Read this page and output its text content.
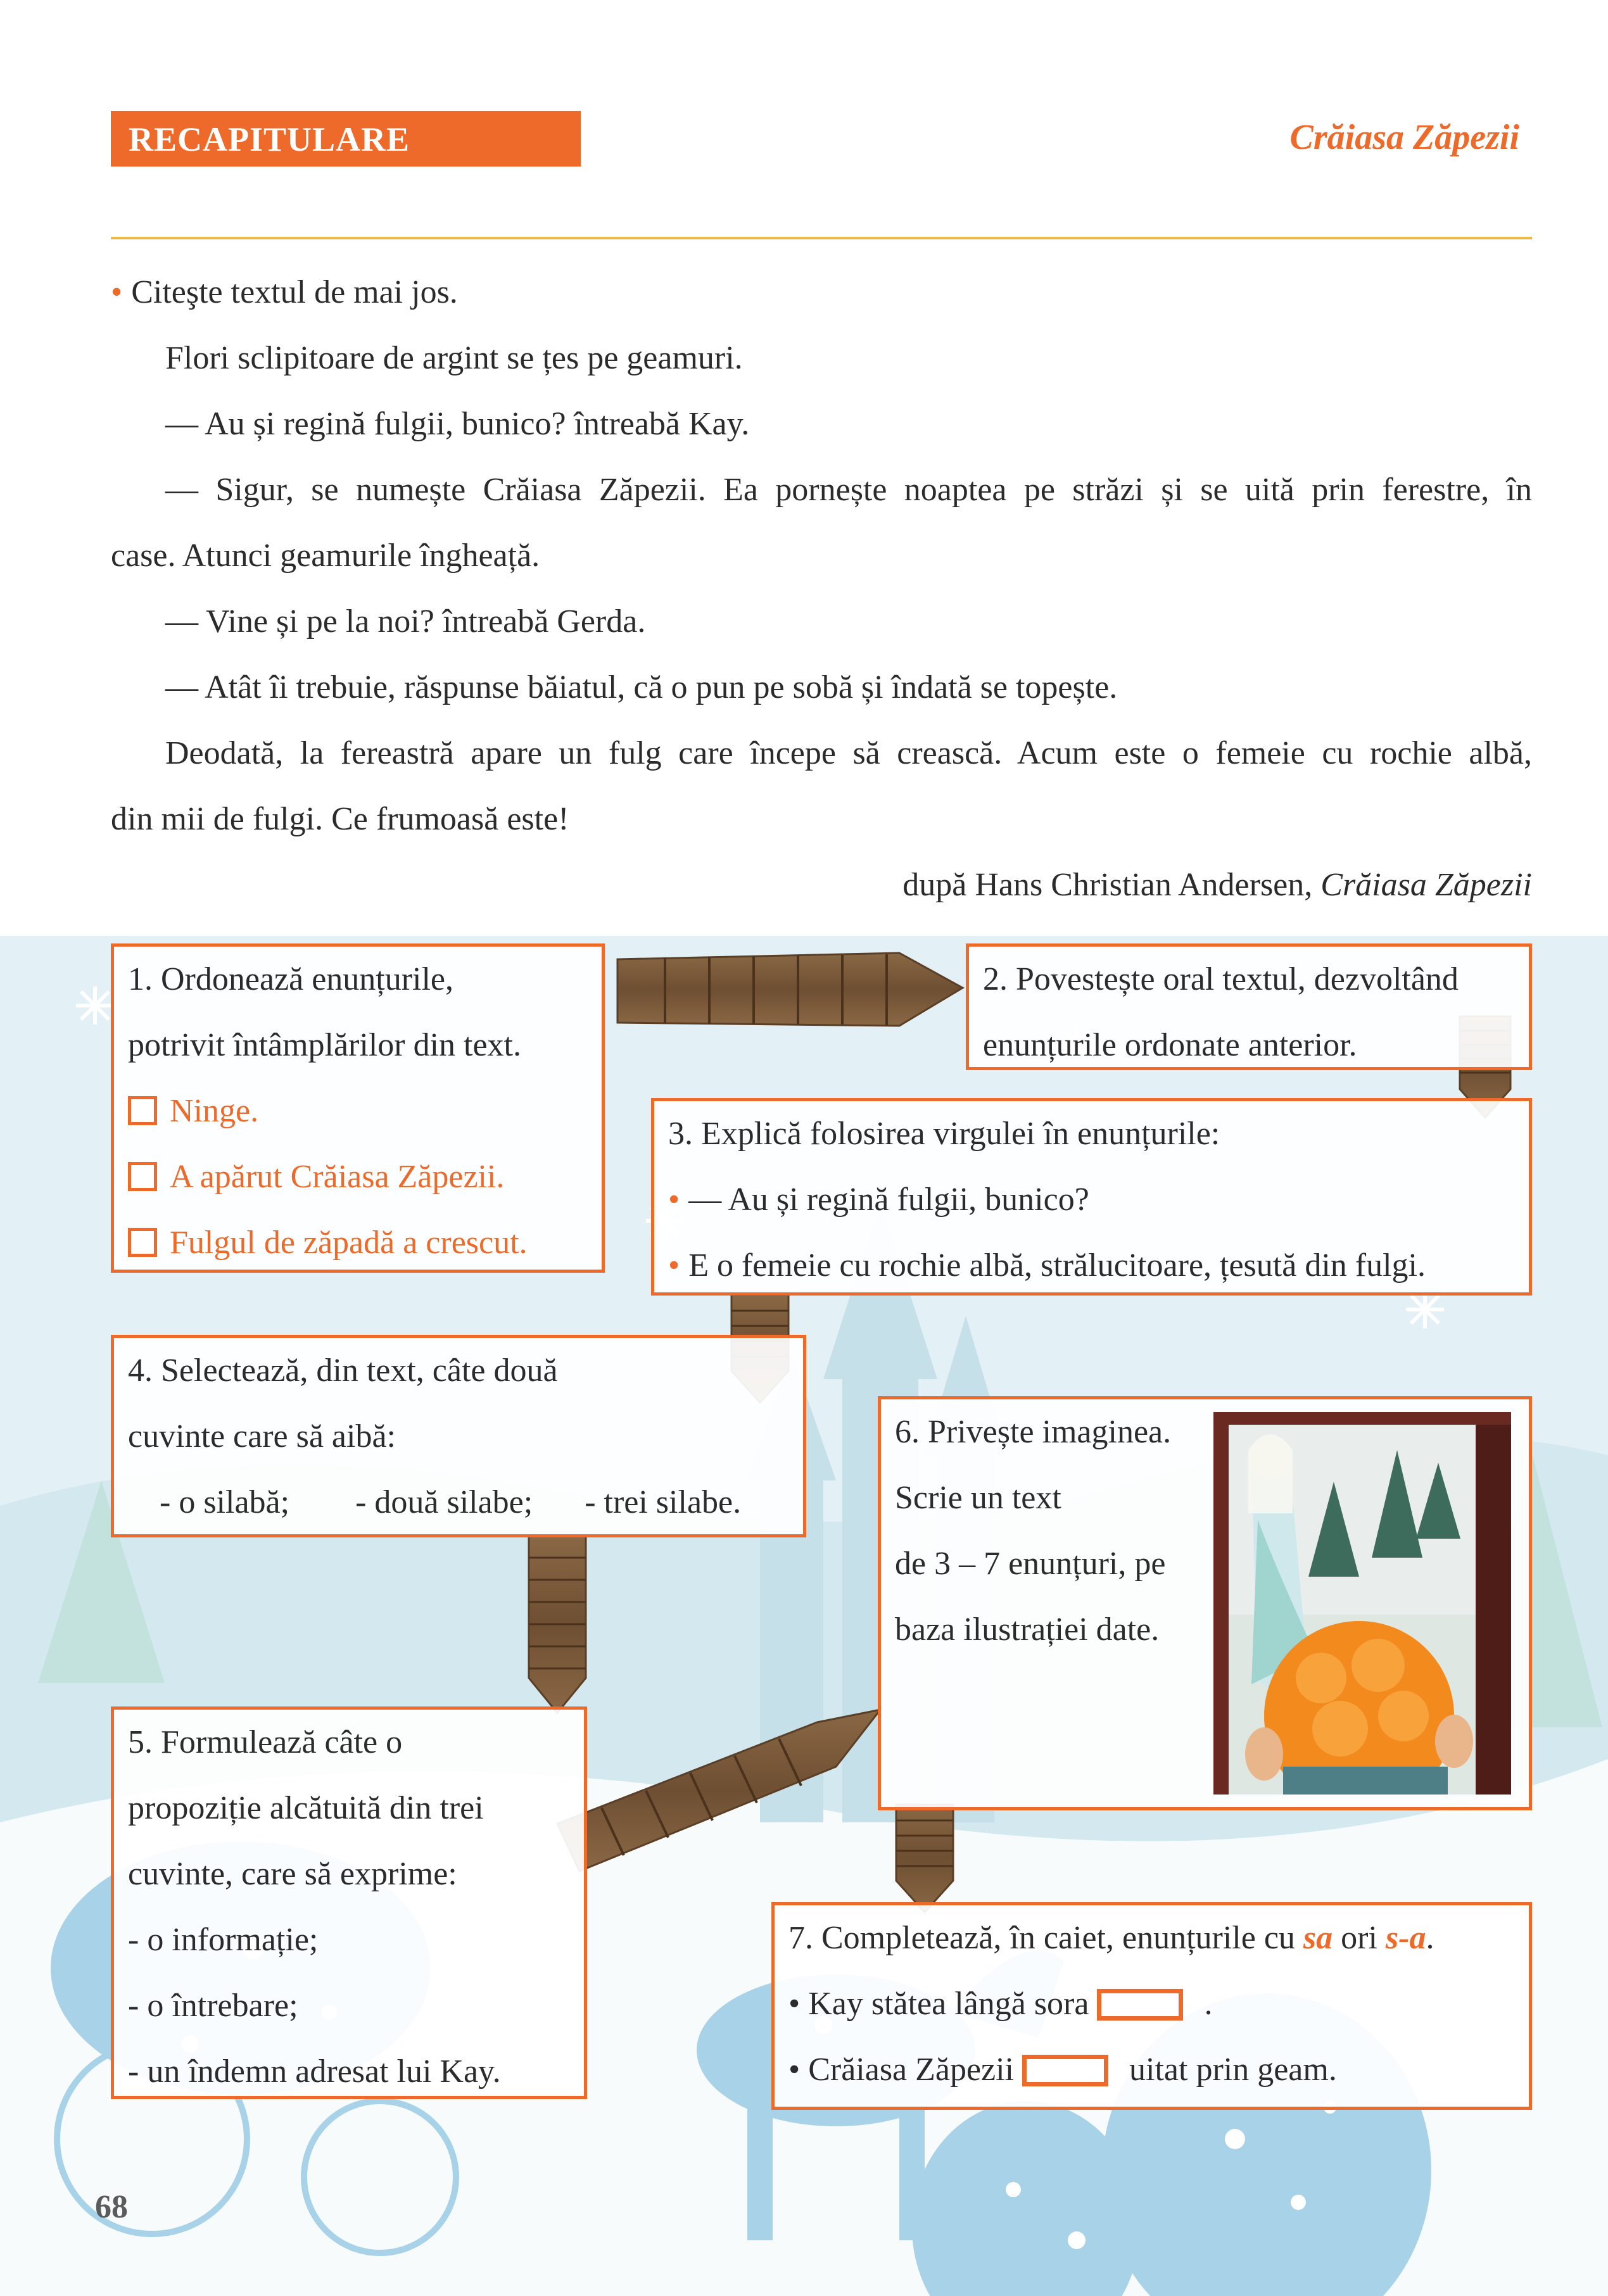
RECAPITULARE	Crăiasa Zăpezii

• Citeşte textul de mai jos.

Flori sclipitoare de argint se țes pe geamuri.

— Au și regină fulgii, bunico? întreabă Kay.

— Sigur, se numește Crăiasa Zăpezii. Ea pornește noaptea pe străzi și se uită prin ferestre, în

case. Atunci geamurile îngheață.

— Vine și pe la noi? întreabă Gerda.

— Atât îi trebuie, răspunse băiatul, că o pun pe sobă și îndată se topește.

Deodată, la fereastră apare un fulg care începe să crească. Acum este o femeie cu rochie albă,

din mii de fulgi. Ce frumoasă este!

după Hans Christian Andersen, Crăiasa Zăpezii

1. Ordonează enunțurile,
potrivit întâmplărilor din text.
Ninge.
A apărut Crăiasa Zăpezii.
Fulgul de zăpadă a crescut.
2. Povestește oral textul, dezvoltând
enunțurile ordonate anterior.
3. Explică folosirea virgulei în enunțurile:
• — Au și regină fulgii, bunico?
• E o femeie cu rochie albă, strălucitoare, țesută din fulgi.
4. Selectează, din text, câte două
cuvinte care să aibă:
- o silabă; - două silabe; - trei silabe.
5. Formulează câte o
propoziție alcătuită din trei
cuvinte, care să exprime:
- o informație;
- o întrebare;
- un îndemn adresat lui Kay.
6. Privește imaginea.
Scrie un text
de 3 – 7 enunțuri, pe
baza ilustrației date.
7. Completează, în caiet, enunțurile cu sa ori s-a.
• Kay stătea lângă sora	.
• Crăiasa Zăpezii	uitat prin geam.
68
